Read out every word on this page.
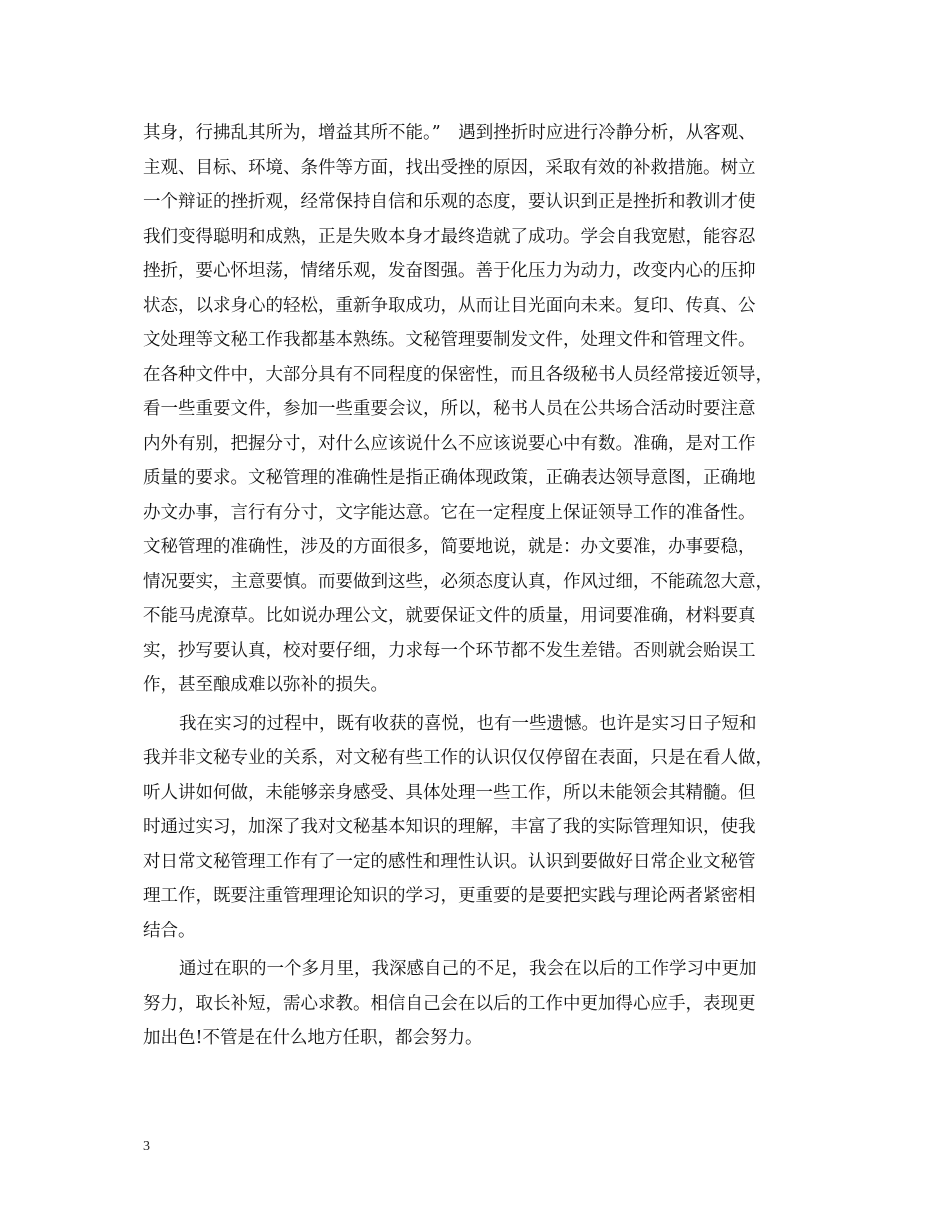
其身，行拂乱其所为，增益其所不能。”　遇到挫折时应进行冷静分析，从客观、
主观、目标、环境、条件等方面，找出受挫的原因，采取有效的补救措施。树立
一个辩证的挫折观，经常保持自信和乐观的态度，要认识到正是挫折和教训才使
我们变得聪明和成熟，正是失败本身才最终造就了成功。学会自我宽慰，能容忍
挫折，要心怀坦荡，情绪乐观，发奋图强。善于化压力为动力，改变内心的压抑
状态，以求身心的轻松，重新争取成功，从而让目光面向未来。复印、传真、公
文处理等文秘工作我都基本熟练。文秘管理要制发文件，处理文件和管理文件。
在各种文件中，大部分具有不同程度的保密性，而且各级秘书人员经常接近领导，
看一些重要文件，参加一些重要会议，所以，秘书人员在公共场合活动时要注意
内外有别，把握分寸，对什么应该说什么不应该说要心中有数。准确，是对工作
质量的要求。文秘管理的准确性是指正确体现政策，正确表达领导意图，正确地
办文办事，言行有分寸，文字能达意。它在一定程度上保证领导工作的准备性。
文秘管理的准确性，涉及的方面很多，简要地说，就是：办文要准，办事要稳，
情况要实，主意要慎。而要做到这些，必须态度认真，作风过细，不能疏忽大意，
不能马虎潦草。比如说办理公文，就要保证文件的质量，用词要准确，材料要真
实，抄写要认真，校对要仔细，力求每一个环节都不发生差错。否则就会贻误工
作，甚至酿成难以弥补的损失。
我在实习的过程中，既有收获的喜悦，也有一些遗憾。也许是实习日子短和
我并非文秘专业的关系，对文秘有些工作的认识仅仅停留在表面，只是在看人做，
听人讲如何做，未能够亲身感受、具体处理一些工作，所以未能领会其精髓。但
时通过实习，加深了我对文秘基本知识的理解，丰富了我的实际管理知识，使我
对日常文秘管理工作有了一定的感性和理性认识。认识到要做好日常企业文秘管
理工作，既要注重管理理论知识的学习，更重要的是要把实践与理论两者紧密相
结合。
通过在职的一个多月里，我深感自己的不足，我会在以后的工作学习中更加
努力，取长补短，需心求教。相信自己会在以后的工作中更加得心应手，表现更
加出色!不管是在什么地方任职，都会努力。
3
